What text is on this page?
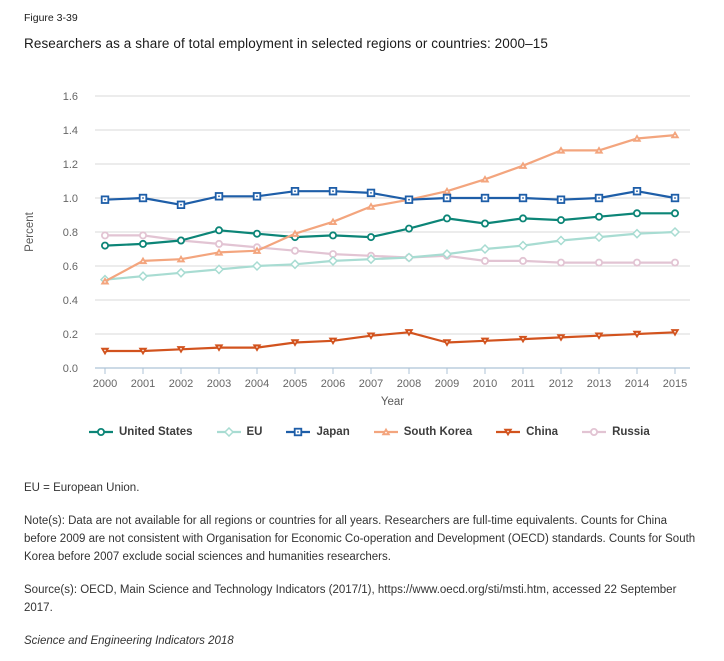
Figure 3-39
Researchers as a share of total employment in selected regions or countries: 2000–15
0.0
0.2
0.4
0.6
0.8
1.0
1.2
1.4
1.6
2000 2001 2002 2003 2004 2005 2006 2007 2008 2009 2010 2011 2012 2013 2014 2015
Percent
Year
United States	EU	Japan	South Korea	China	Russia

EU = European Union.

Note(s): Data are not available for all regions or countries for all years. Researchers are full-time equivalents. Counts for China before 2009 are not consistent with Organisation for Economic Co-operation and Development (OECD) standards. Counts for South Korea before 2007 exclude social sciences and humanities researchers.

Source(s): OECD, Main Science and Technology Indicators (2017/1), https://www.oecd.org/sti/msti.htm, accessed 22 September 2017.

Science and Engineering Indicators 2018
